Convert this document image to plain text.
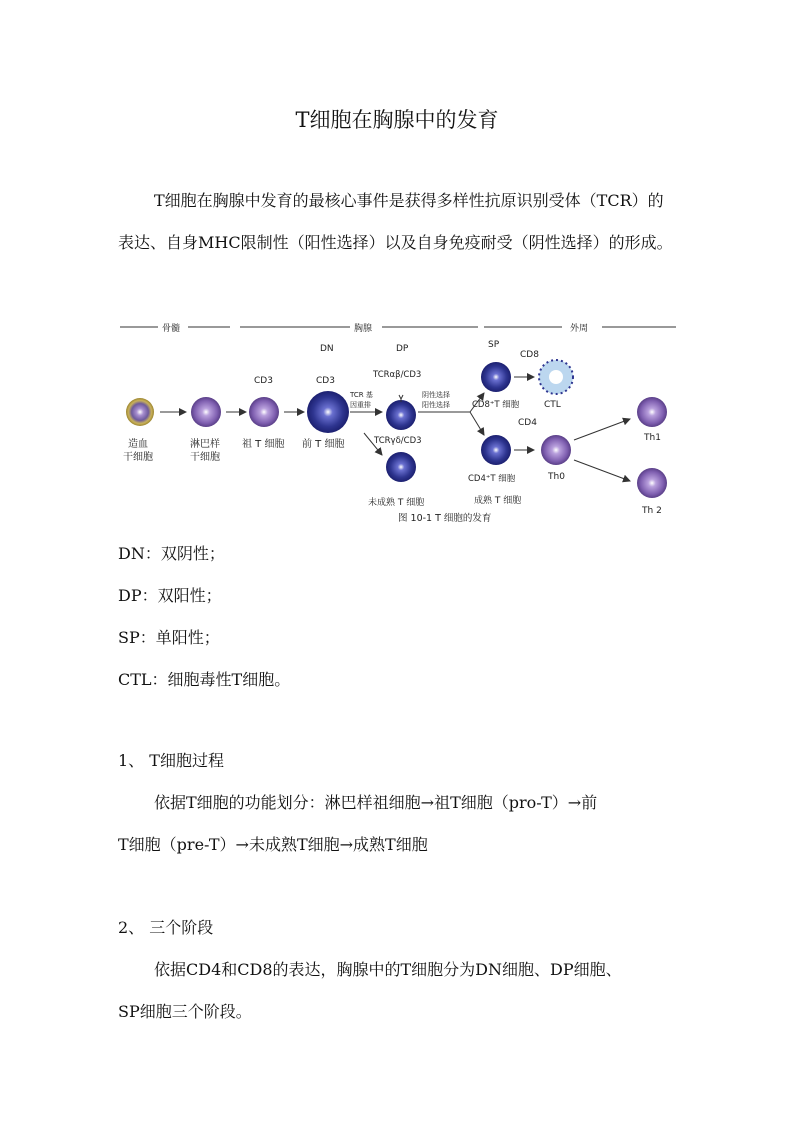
T细胞在胸腺中的发育
T细胞在胸腺中发育的最核心事件是获得多样性抗原识别受体（TCR）的表达、自身MHC限制性（阳性选择）以及自身免疫耐受（阴性选择）的形成。
骨髓	胸腺	外周
DN	DP	SP
CD3	CD3
TCRαβ/CD3
TCR 基
因重排
阴性选择
阳性选择
TCRγδ/CD3
CD8
CD8⁺T 细胞	CTL
CD4
CD4⁺T 细胞	Th0
Th1
Th 2
造血
干细胞
淋巴样
干细胞
祖 T 细胞 前 T 细胞
未成熟 T 细胞	成熟 T 细胞
图 10-1 T 细胞的发育
DN：双阴性；
DP：双阳性；
SP：单阳性；
CTL：细胞毒性T细胞。
1、 T细胞过程
依据T细胞的功能划分：淋巴样祖细胞→祖T细胞（pro-T）→前
T细胞（pre-T）→未成熟T细胞→成熟T细胞
2、 三个阶段
依据CD4和CD8的表达，胸腺中的T细胞分为DN细胞、DP细胞、
SP细胞三个阶段。
